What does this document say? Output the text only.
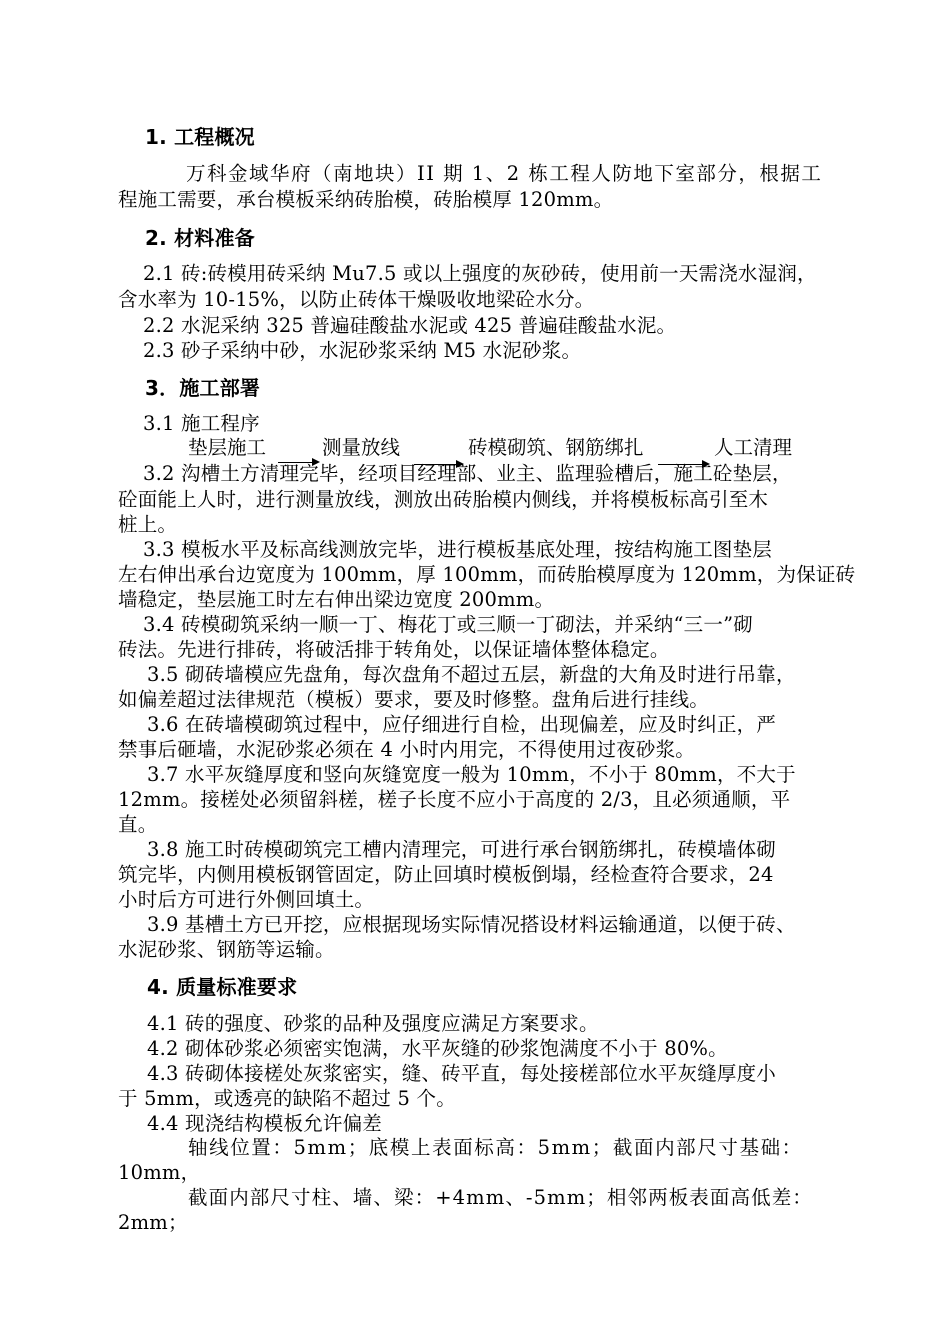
1. 工程概况
万科金域华府（南地块）II 期 1、2 栋工程人防地下室部分，根据工
程施工需要，承台模板采纳砖胎模，砖胎模厚 120mm。
2. 材料准备
2.1 砖:砖模用砖采纳 Mu7.5 或以上强度的灰砂砖，使用前一天需浇水湿润，
含水率为 10-15%，以防止砖体干燥吸收地梁砼水分。
2.2 水泥采纳 325 普遍硅酸盐水泥或 425 普遍硅酸盐水泥。
2.3 砂子采纳中砂，水泥砂浆采纳 M5 水泥砂浆。
3．施工部署
3.1 施工程序
垫层施工	测量放线	砖模砌筑、钢筋绑扎	人工清理
3.2 沟槽土方清理完毕，经项目经理部、业主、监理验槽后，施工砼垫层，
砼面能上人时，进行测量放线，测放出砖胎模内侧线，并将模板标高引至木
桩上。
3.3 模板水平及标高线测放完毕，进行模板基底处理，按结构施工图垫层
左右伸出承台边宽度为 100mm，厚 100mm，而砖胎模厚度为 120mm，为保证砖
墙稳定，垫层施工时左右伸出梁边宽度 200mm。
3.4 砖模砌筑采纳一顺一丁、梅花丁或三顺一丁砌法，并采纳“三一”砌
砖法。先进行排砖，将破活排于转角处，以保证墙体整体稳定。
3.5 砌砖墙模应先盘角，每次盘角不超过五层，新盘的大角及时进行吊靠，
如偏差超过法律规范（模板）要求，要及时修整。盘角后进行挂线。
3.6 在砖墙模砌筑过程中，应仔细进行自检，出现偏差，应及时纠正，严
禁事后砸墙，水泥砂浆必须在 4 小时内用完，不得使用过夜砂浆。
3.7 水平灰缝厚度和竖向灰缝宽度一般为 10mm，不小于 80mm，不大于
12mm。接槎处必须留斜槎，槎子长度不应小于高度的 2/3，且必须通顺，平
直。
3.8 施工时砖模砌筑完工槽内清理完，可进行承台钢筋绑扎，砖模墙体砌
筑完毕，内侧用模板钢管固定，防止回填时模板倒塌，经检查符合要求，24
小时后方可进行外侧回填土。
3.9 基槽土方已开挖，应根据现场实际情况搭设材料运输通道，以便于砖、
水泥砂浆、钢筋等运输。
4. 质量标准要求
4.1 砖的强度、砂浆的品种及强度应满足方案要求。
4.2 砌体砂浆必须密实饱满，水平灰缝的砂浆饱满度不小于 80%。
4.3 砖砌体接槎处灰浆密实，缝、砖平直，每处接槎部位水平灰缝厚度小
于 5mm，或透亮的缺陷不超过 5 个。
4.4 现浇结构模板允许偏差
轴线位置：5mm；底模上表面标高：5mm；截面内部尺寸基础：
10mm，
截面内部尺寸柱、墙、梁：+4mm、-5mm；相邻两板表面高低差：
2mm；
